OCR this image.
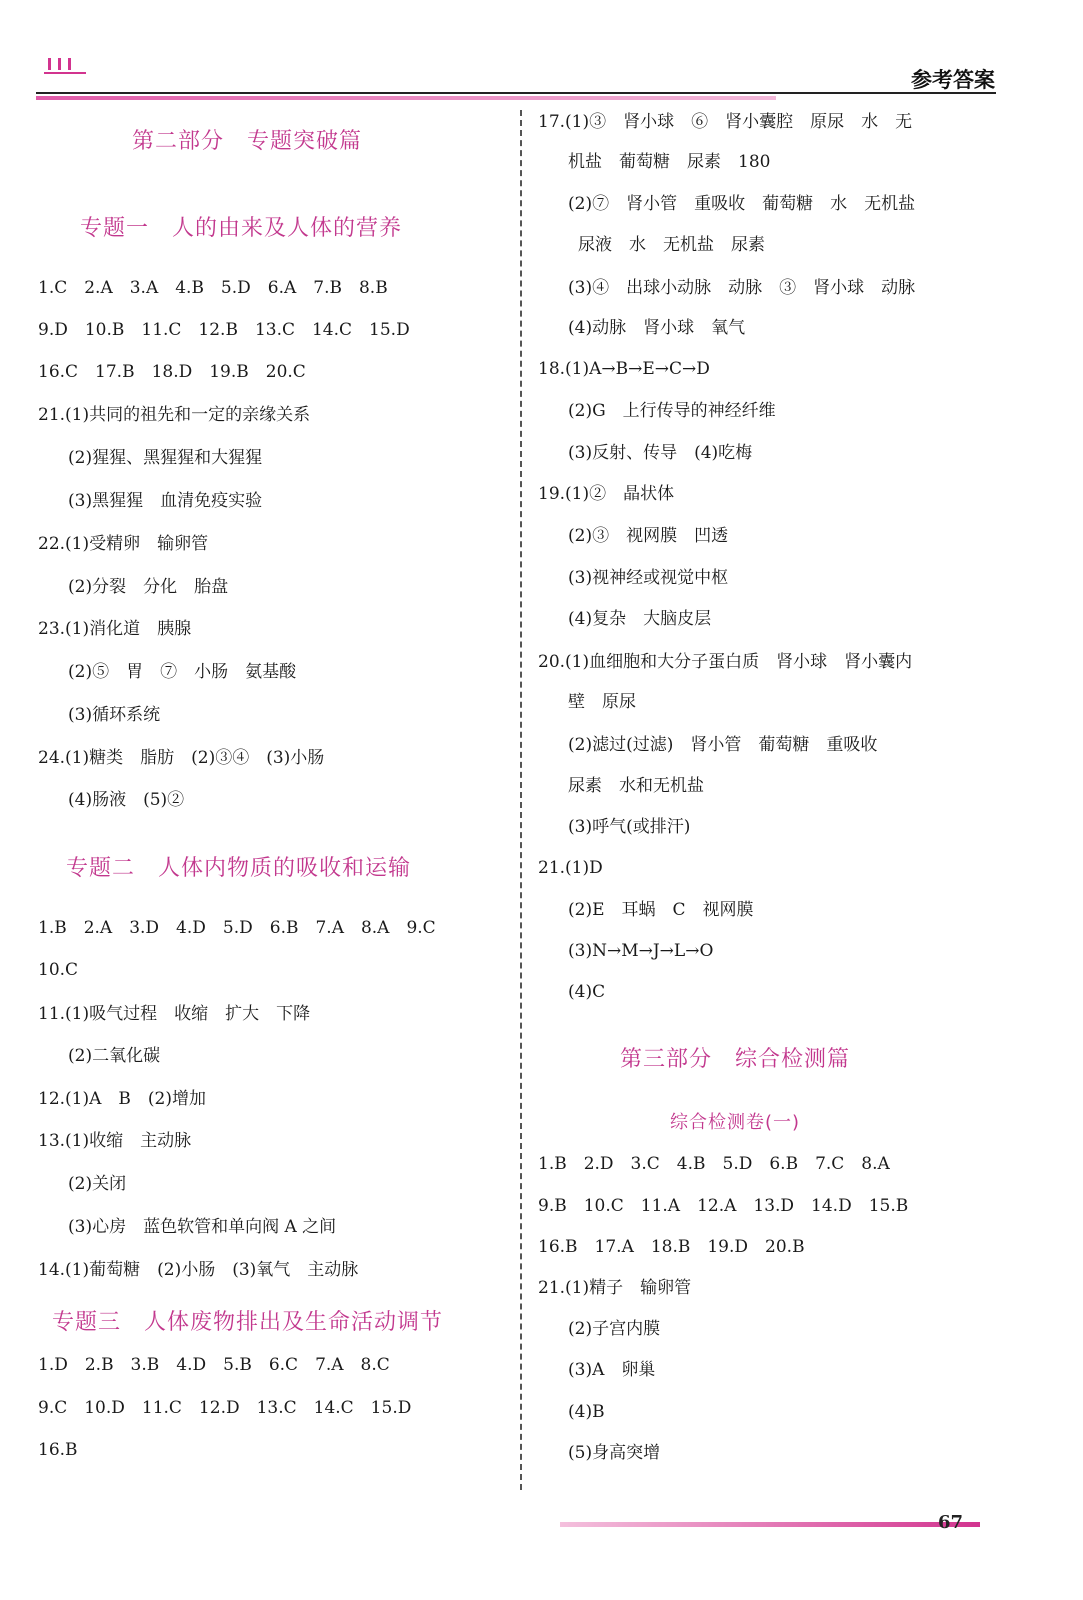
参考答案
第二部分　专题突破篇
专题一　人的由来及人体的营养
1.C　2.A　3.A　4.B　5.D　6.A　7.B　8.B
9.D　10.B　11.C　12.B　13.C　14.C　15.D
16.C　17.B　18.D　19.B　20.C
21.(1)共同的祖先和一定的亲缘关系
(2)猩猩、黑猩猩和大猩猩
(3)黑猩猩　血清免疫实验
22.(1)受精卵　输卵管
(2)分裂　分化　胎盘
23.(1)消化道　胰腺
(2)⑤　胃　⑦　小肠　氨基酸
(3)循环系统
24.(1)糖类　脂肪　(2)③④　(3)小肠
(4)肠液　(5)②
专题二　人体内物质的吸收和运输
1.B　2.A　3.D　4.D　5.D　6.B　7.A　8.A　9.C
10.C
11.(1)吸气过程　收缩　扩大　下降
(2)二氧化碳
12.(1)A　B　(2)增加
13.(1)收缩　主动脉
(2)关闭
(3)心房　蓝色软管和单向阀 A 之间
14.(1)葡萄糖　(2)小肠　(3)氧气　主动脉
专题三　人体废物排出及生命活动调节
1.D　2.B　3.B　4.D　5.B　6.C　7.A　8.C
9.C　10.D　11.C　12.D　13.C　14.C　15.D
16.B
17.(1)③　肾小球　⑥　肾小囊腔　原尿　水　无
机盐　葡萄糖　尿素　180
(2)⑦　肾小管　重吸收　葡萄糖　水　无机盐
尿液　水　无机盐　尿素
(3)④　出球小动脉　动脉　③　肾小球　动脉
(4)动脉　肾小球　氧气
18.(1)A→B→E→C→D
(2)G　上行传导的神经纤维
(3)反射、传导　(4)吃梅
19.(1)②　晶状体
(2)③　视网膜　凹透
(3)视神经或视觉中枢
(4)复杂　大脑皮层
20.(1)血细胞和大分子蛋白质　肾小球　肾小囊内
壁　原尿
(2)滤过(过滤)　肾小管　葡萄糖　重吸收
尿素　水和无机盐
(3)呼气(或排汗)
21.(1)D
(2)E　耳蜗　C　视网膜
(3)N→M→J→L→O
(4)C
第三部分　综合检测篇
综合检测卷(一)
1.B　2.D　3.C　4.B　5.D　6.B　7.C　8.A
9.B　10.C　11.A　12.A　13.D　14.D　15.B
16.B　17.A　18.B　19.D　20.B
21.(1)精子　输卵管
(2)子宫内膜
(3)A　卵巢
(4)B
(5)身高突增
67
